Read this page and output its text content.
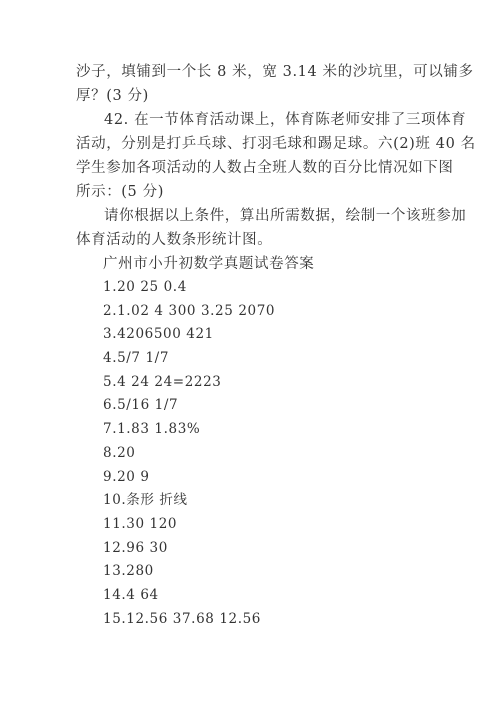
沙子，填铺到一个长 8 米，宽 3.14 米的沙坑里，可以铺多
厚？(3 分)

42. 在一节体育活动课上，体育陈老师安排了三项体育
活动，分别是打乒乓球、打羽毛球和踢足球。六(2)班 40 名
学生参加各项活动的人数占全班人数的百分比情况如下图
所示：(5 分)

请你根据以上条件，算出所需数据，绘制一个该班参加
体育活动的人数条形统计图。

广州市小升初数学真题试卷答案
1.20 25 0.4
2.1.02 4 300 3.25 2070
3.4206500 421
4.5/7 1/7
5.4 24 24=2223
6.5/16 1/7
7.1.83 1.83%
8.20
9.20 9
10.条形 折线
11.30 120
12.96 30
13.280
14.4 64
15.12.56 37.68 12.56
